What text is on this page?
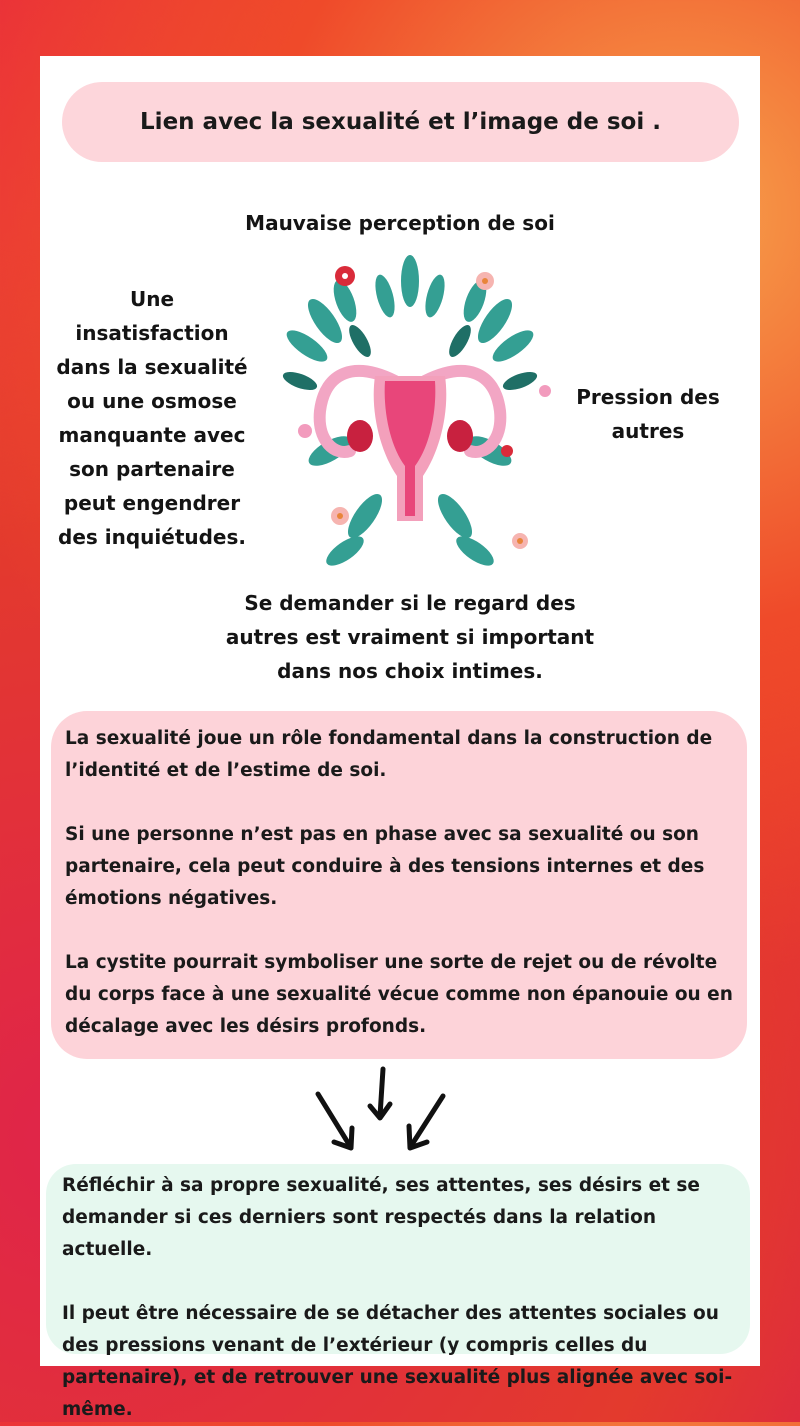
Lien avec la sexualité et l’image de soi .
Mauvaise perception de soi
Une insatisfaction dans la sexualité ou une osmose manquante avec son partenaire peut engendrer des inquiétudes.
Pression des autres
Se demander si le regard des autres est vraiment si important dans nos choix intimes.

La sexualité joue un rôle fondamental dans la construction de l’identité et de l’estime de soi.

Si une personne n’est pas en phase avec sa sexualité ou son partenaire, cela peut conduire à des tensions internes et des émotions négatives.

La cystite pourrait symboliser une sorte de rejet ou de révolte du corps face à une sexualité vécue comme non épanouie ou en décalage avec les désirs profonds.

Réfléchir à sa propre sexualité, ses attentes, ses désirs et se demander si ces derniers sont respectés dans la relation actuelle.

Il peut être nécessaire de se détacher des attentes sociales ou des pressions venant de l’extérieur (y compris celles du partenaire), et de retrouver une sexualité plus alignée avec soi-même.
